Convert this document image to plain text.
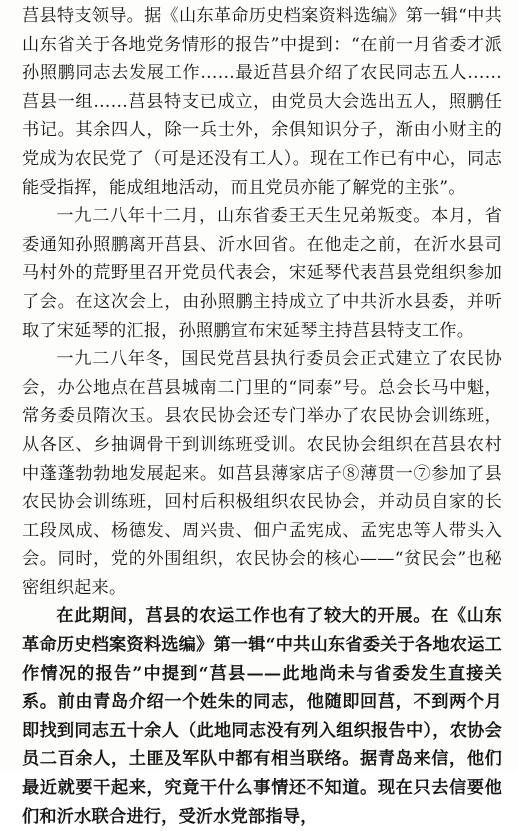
莒县特支领导。据《山东革命历史档案资料选编》第一辑“中共山东省关于各地党务情形的报告”中提到：“在前一月省委才派孙照鹏同志去发展工作……最近莒县介绍了农民同志五人……莒县一组……莒县特支已成立，由党员大会选出五人，照鹏任书记。其余四人，除一兵士外，余俱知识分子，渐由小财主的党成为农民党了（可是还没有工人）。现在工作已有中心，同志能受指挥，能成组地活动，而且党员亦能了解党的主张”。

一九二八年十二月，山东省委王天生兄弟叛变。本月，省委通知孙照鹏离开莒县、沂水回省。在他走之前，在沂水县司马村外的荒野里召开党员代表会，宋延琴代表莒县党组织参加了会。在这次会上，由孙照鹏主持成立了中共沂水县委，并听取了宋延琴的汇报，孙照鹏宣布宋延琴主持莒县特支工作。

一九二八年冬，国民党莒县执行委员会正式建立了农民协会，办公地点在莒县城南二门里的“同泰”号。总会长马中魁，常务委员隋次玉。县农民协会还专门举办了农民协会训练班，从各区、乡抽调骨干到训练班受训。农民协会组织在莒县农村中蓬蓬勃勃地发展起来。如莒县薄家店子⑧薄贯一⑦参加了县农民协会训练班，回村后积极组织农民协会，并动员自家的长工段凤成、杨德发、周兴贵、佃户孟宪成、孟宪忠等人带头入会。同时，党的外围组织，农民协会的核心——“贫民会”也秘密组织起来。

在此期间，莒县的农运工作也有了较大的开展。在《山东革命历史档案资料选编》第一辑“中共山东省委关于各地农运工作情况的报告”中提到“莒县——此地尚未与省委发生直接关系。前由青岛介绍一个姓朱的同志，他随即回莒，不到两个月即找到同志五十余人（此地同志没有列入组织报告中），农协会员二百余人，土匪及军队中都有相当联络。据青岛来信，他们最近就要干起来，究竟干什么事情还不知道。现在只去信要他们和沂水联合进行，受沂水党部指导，
